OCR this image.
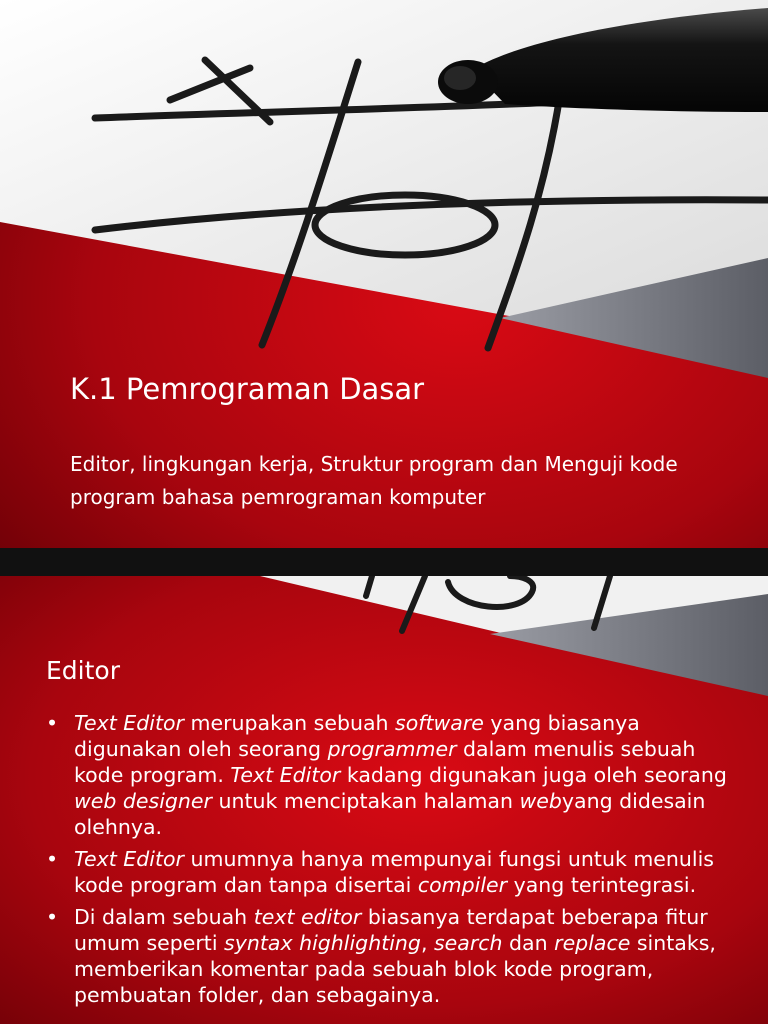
K.1 Pemrograman Dasar

Editor, lingkungan kerja, Struktur program dan Menguji kode program bahasa pemrograman komputer

Editor
• Text Editor merupakan sebuah software yang biasanya digunakan oleh seorang programmer dalam menulis sebuah kode program. Text Editor kadang digunakan juga oleh seorang web designer untuk menciptakan halaman webyang didesain olehnya.
• Text Editor umumnya hanya mempunyai fungsi untuk menulis kode program dan tanpa disertai compiler yang terintegrasi.
• Di dalam sebuah text editor biasanya terdapat beberapa fitur umum seperti syntax highlighting, search dan replace sintaks, memberikan komentar pada sebuah blok kode program, pembuatan folder, dan sebagainya.
